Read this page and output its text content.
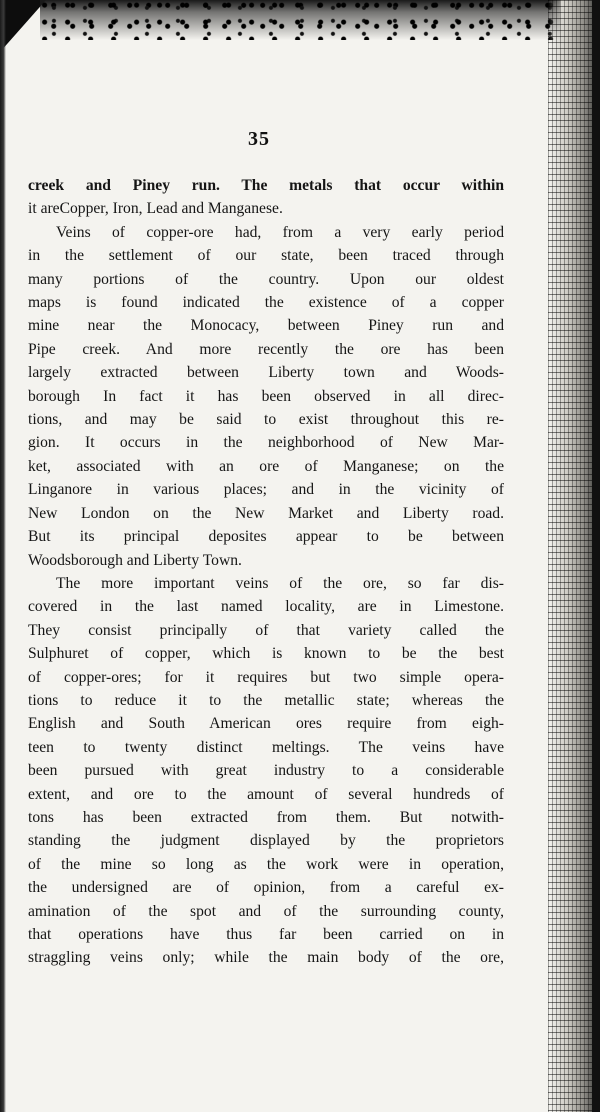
35
creek and Piney run. The metals that occur within
it areCopper, Iron, Lead and Manganese.
Veins of copper-ore had, from a very early period
in the settlement of our state, been traced through
many portions of the country. Upon our oldest
maps is found indicated the existence of a copper
mine near the Monocacy, between Piney run and
Pipe creek. And more recently the ore has been
largely extracted between Liberty town and Woods-
borough In fact it has been observed in all direc-
tions, and may be said to exist throughout this re-
gion. It occurs in the neighborhood of New Mar-
ket, associated with an ore of Manganese; on the
Linganore in various places; and in the vicinity of
New London on the New Market and Liberty road.
But its principal deposites appear to be between
Woodsborough and Liberty Town.
The more important veins of the ore, so far dis-
covered in the last named locality, are in Limestone.
They consist principally of that variety called the
Sulphuret of copper, which is known to be the best
of copper-ores; for it requires but two simple opera-
tions to reduce it to the metallic state; whereas the
English and South American ores require from eigh-
teen to twenty distinct meltings. The veins have
been pursued with great industry to a considerable
extent, and ore to the amount of several hundreds of
tons has been extracted from them. But notwith-
standing the judgment displayed by the proprietors
of the mine so long as the work were in operation,
the undersigned are of opinion, from a careful ex-
amination of the spot and of the surrounding county,
that operations have thus far been carried on in
straggling veins only; while the main body of the ore,
